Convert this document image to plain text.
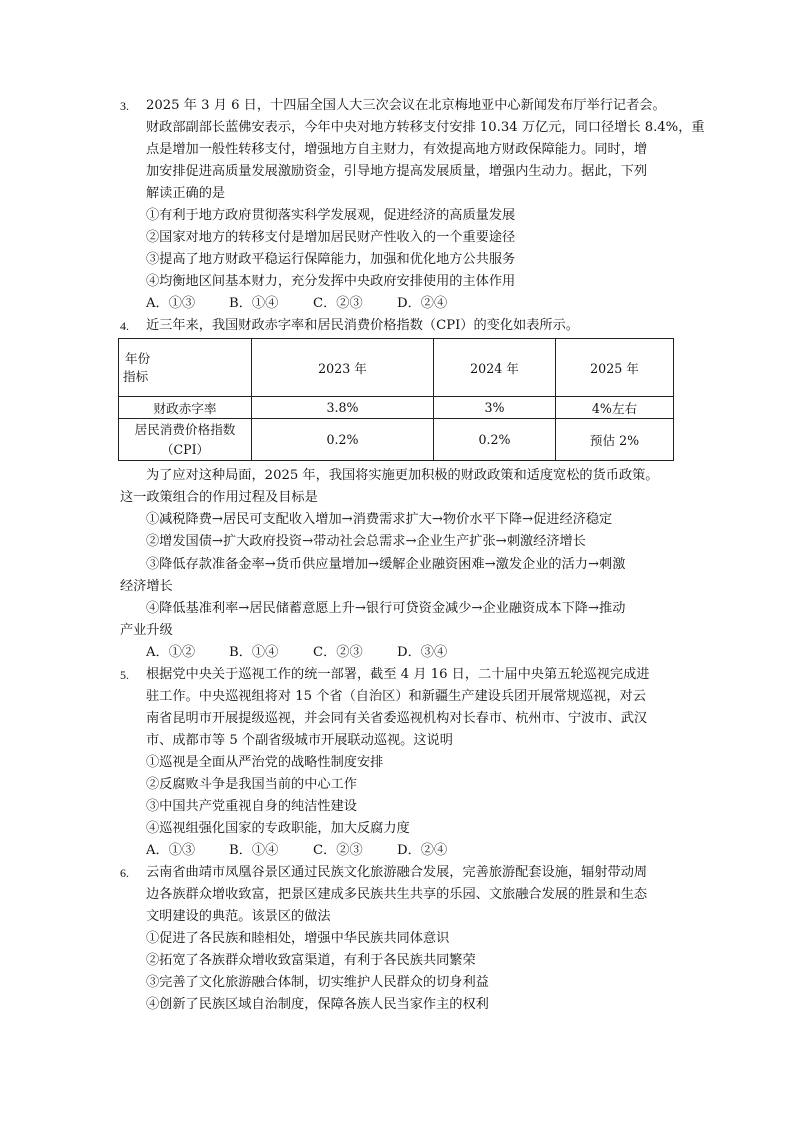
3. 2025 年 3 月 6 日，十四届全国人大三次会议在北京梅地亚中心新闻发布厅举行记者会。
财政部副部长蓝佛安表示，今年中央对地方转移支付安排 10.34 万亿元，同口径增长 8.4%，重
点是增加一般性转移支付，增强地方自主财力，有效提高地方财政保障能力。同时，增
加安排促进高质量发展激励资金，引导地方提高发展质量，增强内生动力。据此，下列
解读正确的是
①有利于地方政府贯彻落实科学发展观，促进经济的高质量发展
②国家对地方的转移支付是增加居民财产性收入的一个重要途径
③提高了地方财政平稳运行保障能力，加强和优化地方公共服务
④均衡地区间基本财力，充分发挥中央政府安排使用的主体作用
A．①③	B．①④	C．②③	D．②④
4. 近三年来，我国财政赤字率和居民消费价格指数（CPI）的变化如表所示。
年份
指标	2023 年	2024 年	2025 年
财政赤字率	3.8%	3%	4%左右

居民消费价格指数
（CPI）	0.2%	0.2%	预估 2%
为了应对这种局面，2025 年，我国将实施更加积极的财政政策和适度宽松的货币政策。
这一政策组合的作用过程及目标是
①减税降费→居民可支配收入增加→消费需求扩大→物价水平下降→促进经济稳定
②增发国债→扩大政府投资→带动社会总需求→企业生产扩张→刺激经济增长
③降低存款准备金率→货币供应量增加→缓解企业融资困难→激发企业的活力→刺激
经济增长
④降低基准利率→居民储蓄意愿上升→银行可贷资金减少→企业融资成本下降→推动
产业升级
A．①②	B．①④	C．②③	D．③④
5. 根据党中央关于巡视工作的统一部署，截至 4 月 16 日，二十届中央第五轮巡视完成进
驻工作。中央巡视组将对 15 个省（自治区）和新疆生产建设兵团开展常规巡视，对云
南省昆明市开展提级巡视，并会同有关省委巡视机构对长春市、杭州市、宁波市、武汉
市、成都市等 5 个副省级城市开展联动巡视。这说明
①巡视是全面从严治党的战略性制度安排
②反腐败斗争是我国当前的中心工作
③中国共产党重视自身的纯洁性建设
④巡视组强化国家的专政职能，加大反腐力度
A．①③	B．①④	C．②③	D．②④
6. 云南省曲靖市凤凰谷景区通过民族文化旅游融合发展，完善旅游配套设施，辐射带动周
边各族群众增收致富，把景区建成多民族共生共享的乐园、文旅融合发展的胜景和生态
文明建设的典范。该景区的做法
①促进了各民族和睦相处，增强中华民族共同体意识
②拓宽了各族群众增收致富渠道，有利于各民族共同繁荣
③完善了文化旅游融合体制，切实维护人民群众的切身利益
④创新了民族区域自治制度，保障各族人民当家作主的权利
